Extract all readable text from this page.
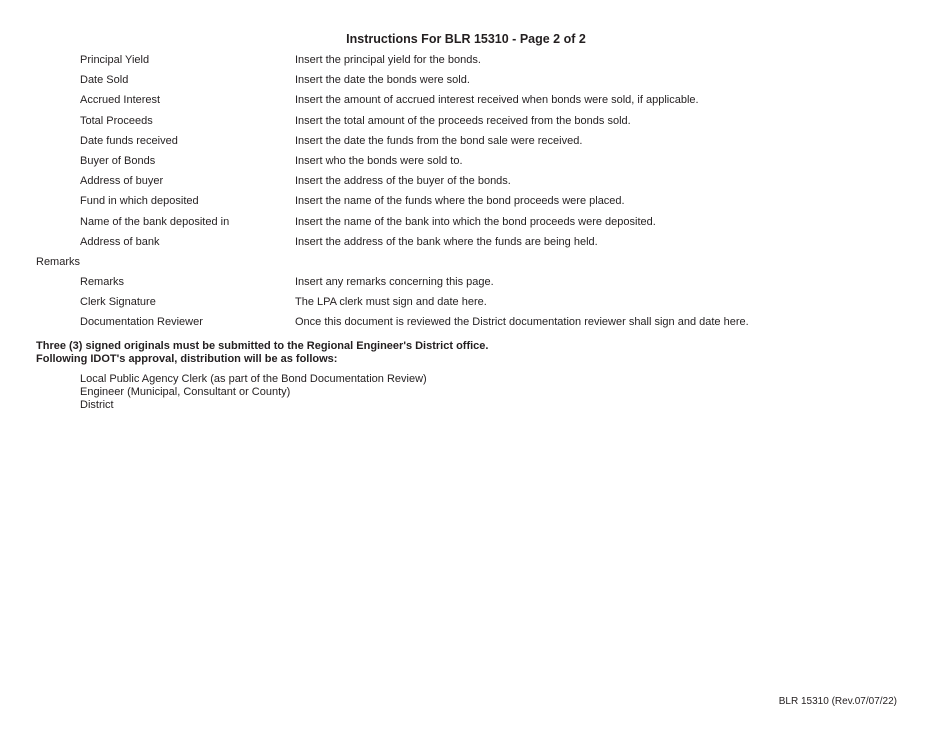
Instructions For BLR 15310 - Page 2 of 2
Principal Yield	Insert the principal yield for the bonds.
Date Sold	Insert the date the bonds were sold.
Accrued Interest	Insert the amount of accrued interest received when bonds were sold, if applicable.
Total Proceeds	Insert the total amount of the proceeds received from the bonds sold.
Date funds received	Insert the date the funds from the bond sale were received.
Buyer of Bonds	Insert who the bonds were sold to.
Address of buyer	Insert the address of the buyer of the bonds.
Fund in which deposited	Insert the name of the funds where the bond proceeds were placed.
Name of the bank deposited in	Insert the name of the bank into which the bond proceeds were deposited.
Address of bank	Insert the address of the bank where the funds are being held.
Remarks
Remarks	Insert any remarks concerning this page.
Clerk Signature	The LPA clerk must sign and date here.
Documentation Reviewer	Once this document is reviewed the District documentation reviewer shall sign and date here.
Three (3) signed originals must be submitted to the Regional Engineer's District office.
Following IDOT's approval, distribution will be as follows:
Local Public Agency Clerk (as part of the Bond Documentation Review)
Engineer (Municipal, Consultant or County)
District
BLR 15310 (Rev.07/07/22)
